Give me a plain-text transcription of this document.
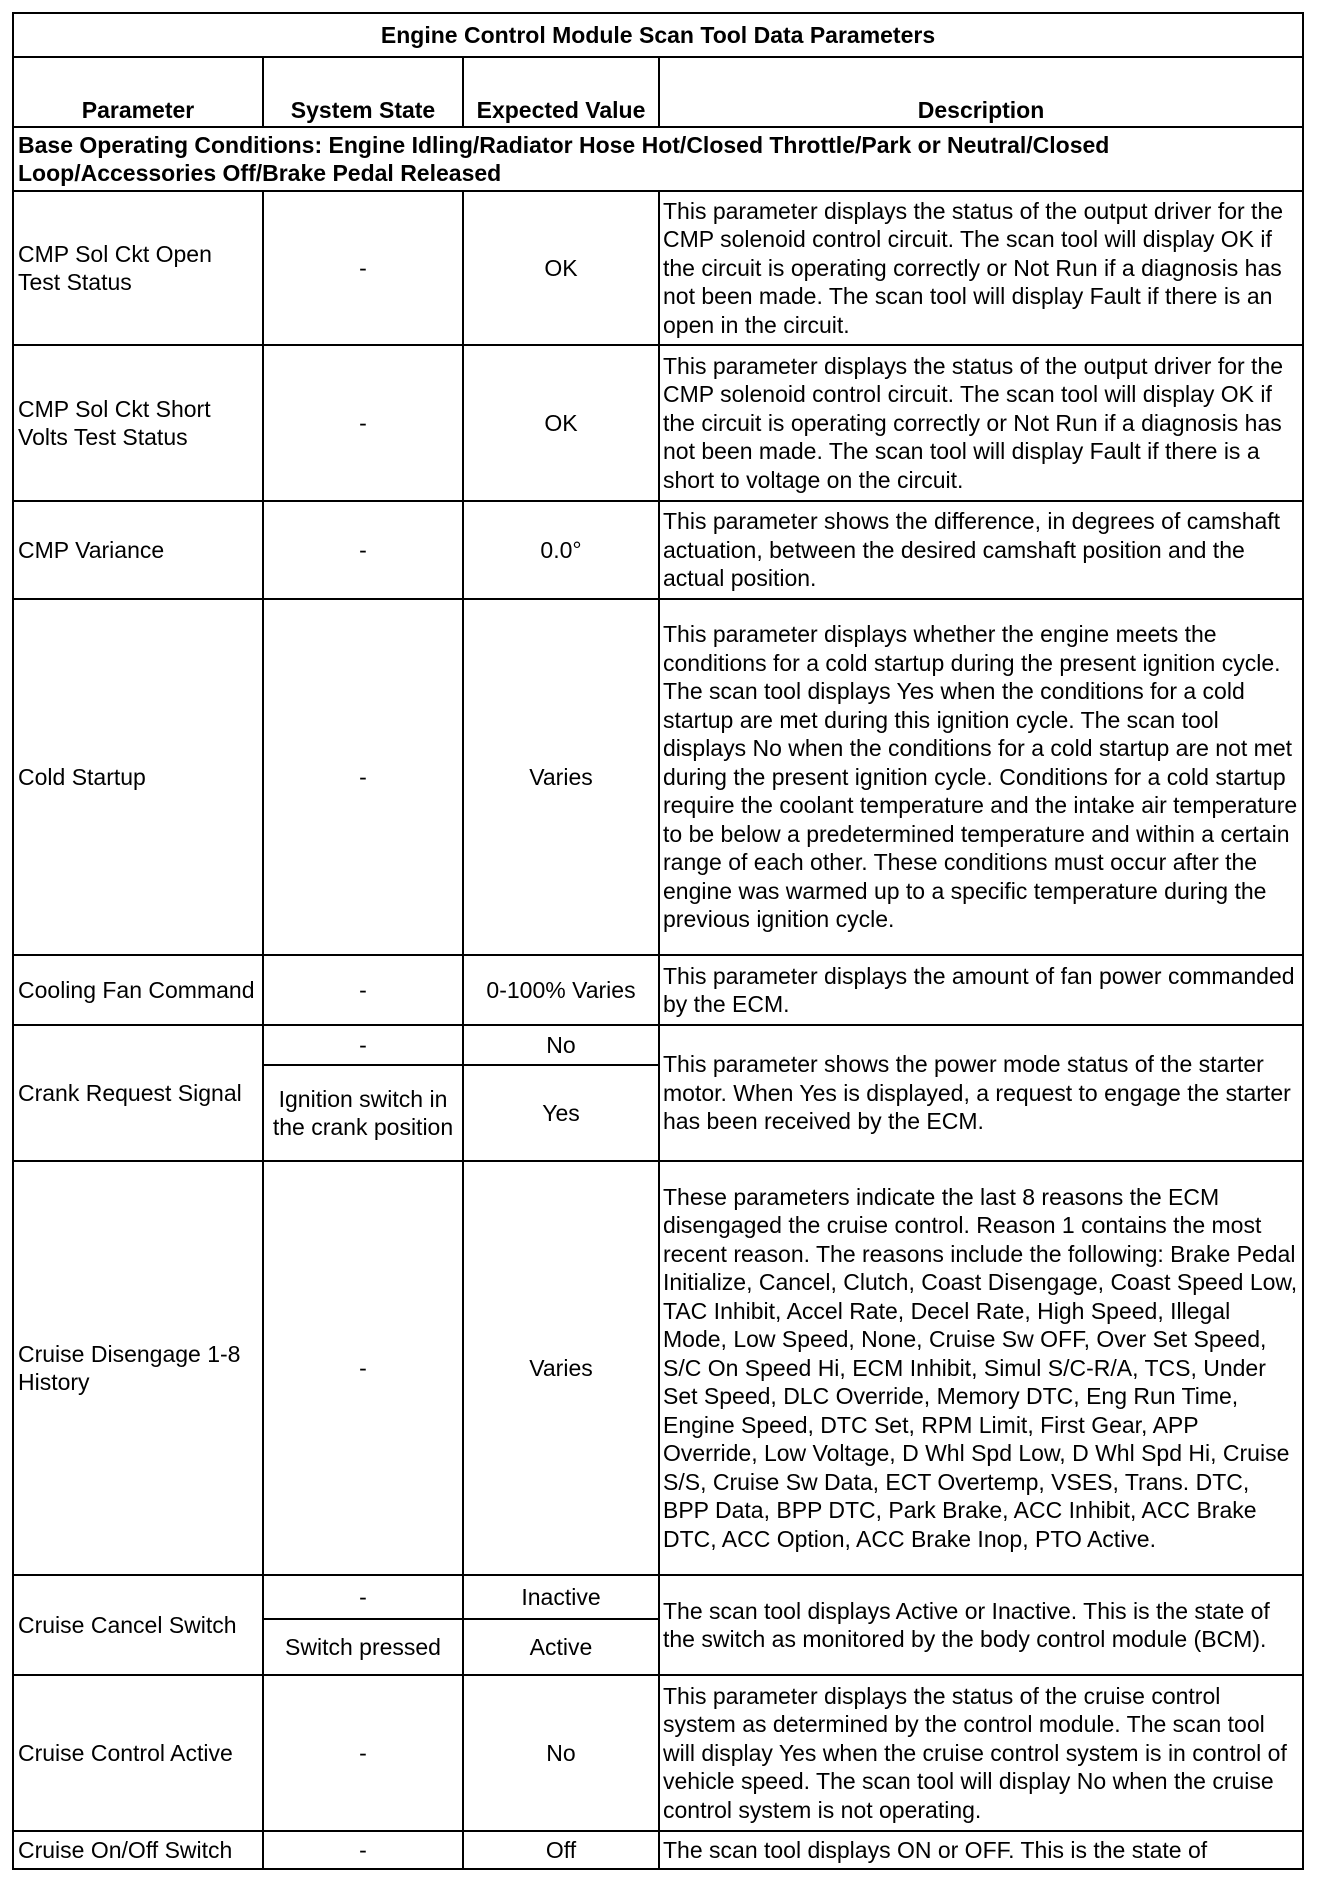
Engine Control Module Scan Tool Data Parameters			
Parameter	System State	Expected Value	Description
Base Operating Conditions: Engine Idling/Radiator Hose Hot/Closed Throttle/Park or Neutral/Closed Loop/Accessories Off/Brake Pedal Released			
CMP Sol Ckt Open Test Status	-	OK	This parameter displays the status of the output driver for the CMP solenoid control circuit. The scan tool will display OK if the circuit is operating correctly or Not Run if a diagnosis has not been made. The scan tool will display Fault if there is an open in the circuit.
CMP Sol Ckt Short Volts Test Status	-	OK	This parameter displays the status of the output driver for the CMP solenoid control circuit. The scan tool will display OK if the circuit is operating correctly or Not Run if a diagnosis has not been made. The scan tool will display Fault if there is a short to voltage on the circuit.
CMP Variance	-	0.0°	This parameter shows the difference, in degrees of camshaft actuation, between the desired camshaft position and the actual position.
Cold Startup	-	Varies	This parameter displays whether the engine meets the conditions for a cold startup during the present ignition cycle. The scan tool displays Yes when the conditions for a cold startup are met during this ignition cycle. The scan tool displays No when the conditions for a cold startup are not met during the present ignition cycle. Conditions for a cold startup require the coolant temperature and the intake air temperature to be below a predetermined temperature and within a certain range of each other. These conditions must occur after the engine was warmed up to a specific temperature during the previous ignition cycle.
Cooling Fan Command	-	0-100% Varies	This parameter displays the amount of fan power commanded by the ECM.
Crank Request Signal	-	No	This parameter shows the power mode status of the starter motor. When Yes is displayed, a request to engage the starter has been received by the ECM.
	Ignition switch in the crank position	Yes	
Cruise Disengage 1-8 History	-	Varies	These parameters indicate the last 8 reasons the ECM disengaged the cruise control. Reason 1 contains the most recent reason. The reasons include the following: Brake Pedal Initialize, Cancel, Clutch, Coast Disengage, Coast Speed Low, TAC Inhibit, Accel Rate, Decel Rate, High Speed, Illegal Mode, Low Speed, None, Cruise Sw OFF, Over Set Speed, S/C On Speed Hi, ECM Inhibit, Simul S/C-R/A, TCS, Under Set Speed, DLC Override, Memory DTC, Eng Run Time, Engine Speed, DTC Set, RPM Limit, First Gear, APP Override, Low Voltage, D Whl Spd Low, D Whl Spd Hi, Cruise S/S, Cruise Sw Data, ECT Overtemp, VSES, Trans. DTC, BPP Data, BPP DTC, Park Brake, ACC Inhibit, ACC Brake DTC, ACC Option, ACC Brake Inop, PTO Active.
Cruise Cancel Switch	-	Inactive	The scan tool displays Active or Inactive. This is the state of the switch as monitored by the body control module (BCM).
	Switch pressed	Active	
Cruise Control Active	-	No	This parameter displays the status of the cruise control system as determined by the control module. The scan tool will display Yes when the cruise control system is in control of vehicle speed. The scan tool will display No when the cruise control system is not operating.
Cruise On/Off Switch	-	Off	The scan tool displays ON or OFF. This is the state of
